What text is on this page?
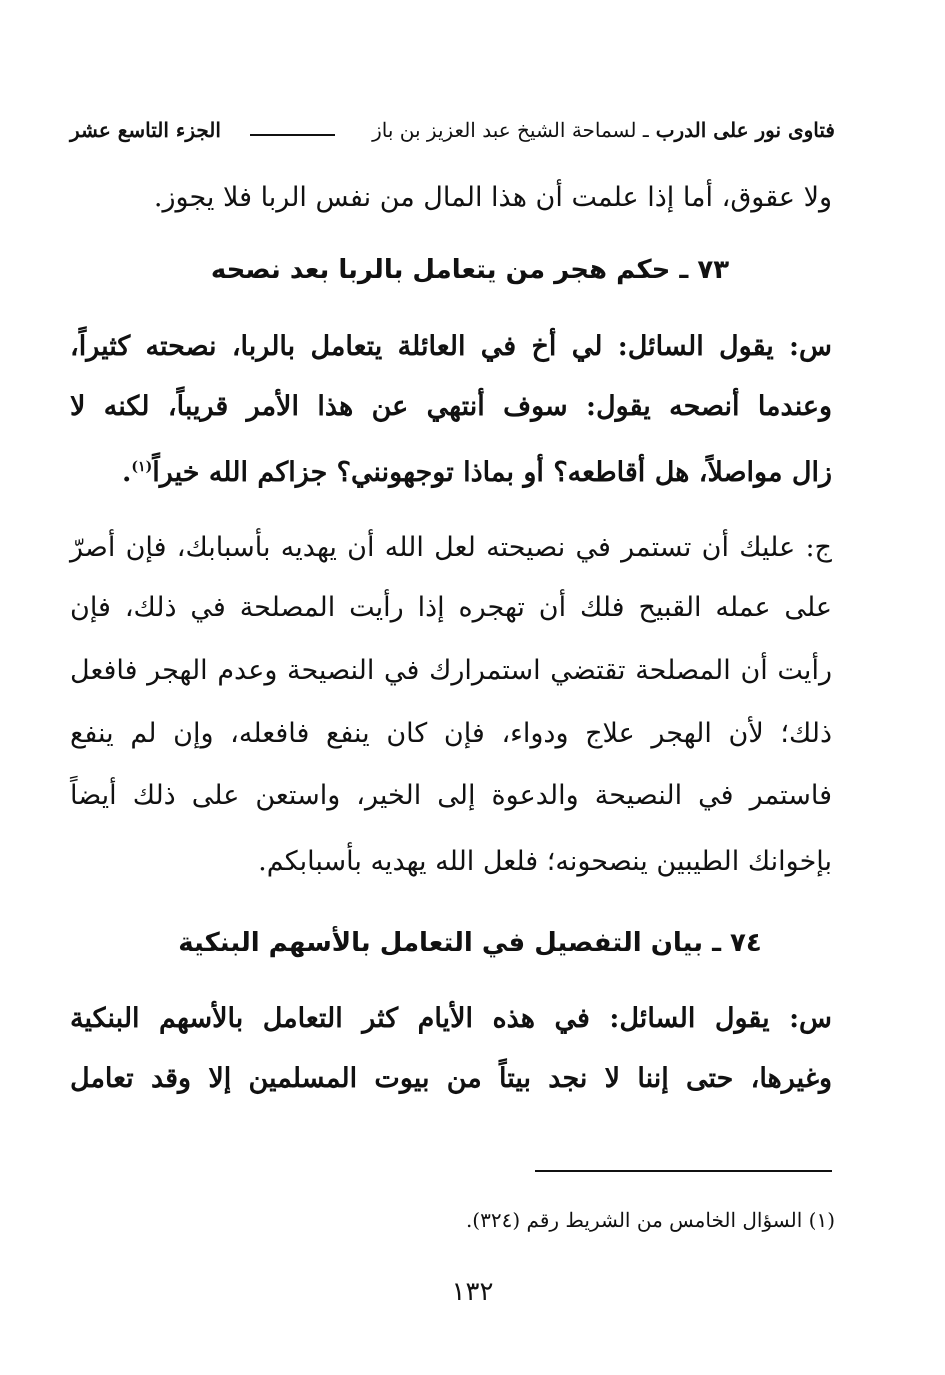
فتاوى نور على الدرب ـ لسماحة الشيخ عبد العزيز بن باز
الجزء التاسع عشر
ولا عقوق، أما إذا علمت أن هذا المال من نفس الربا فلا يجوز.
٧٣ ـ حكم هجر من يتعامل بالربا بعد نصحه
س: يقول السائل: لي أخ في العائلة يتعامل بالربا، نصحته كثيراً،
وعندما أنصحه يقول: سوف أنتهي عن هذا الأمر قريباً، لكنه لا
زال مواصلاً، هل أقاطعه؟ أو بماذا توجهونني؟ جزاكم الله خيراً$^{(١)}$.
ج: عليك أن تستمر في نصيحته لعل الله أن يهديه بأسبابك، فإن أصرّ
على عمله القبيح فلك أن تهجره إذا رأيت المصلحة في ذلك، فإن
رأيت أن المصلحة تقتضي استمرارك في النصيحة وعدم الهجر فافعل
ذلك؛ لأن الهجر علاج ودواء، فإن كان ينفع فافعله، وإن لم ينفع
فاستمر في النصيحة والدعوة إلى الخير، واستعن على ذلك أيضاً
بإخوانك الطيبين ينصحونه؛ فلعل الله يهديه بأسبابكم.
٧٤ ـ بيان التفصيل في التعامل بالأسهم البنكية
س: يقول السائل: في هذه الأيام كثر التعامل بالأسهم البنكية
وغيرها، حتى إننا لا نجد بيتاً من بيوت المسلمين إلا وقد تعامل
(١) السؤال الخامس من الشريط رقم (٣٢٤).
١٣٢
